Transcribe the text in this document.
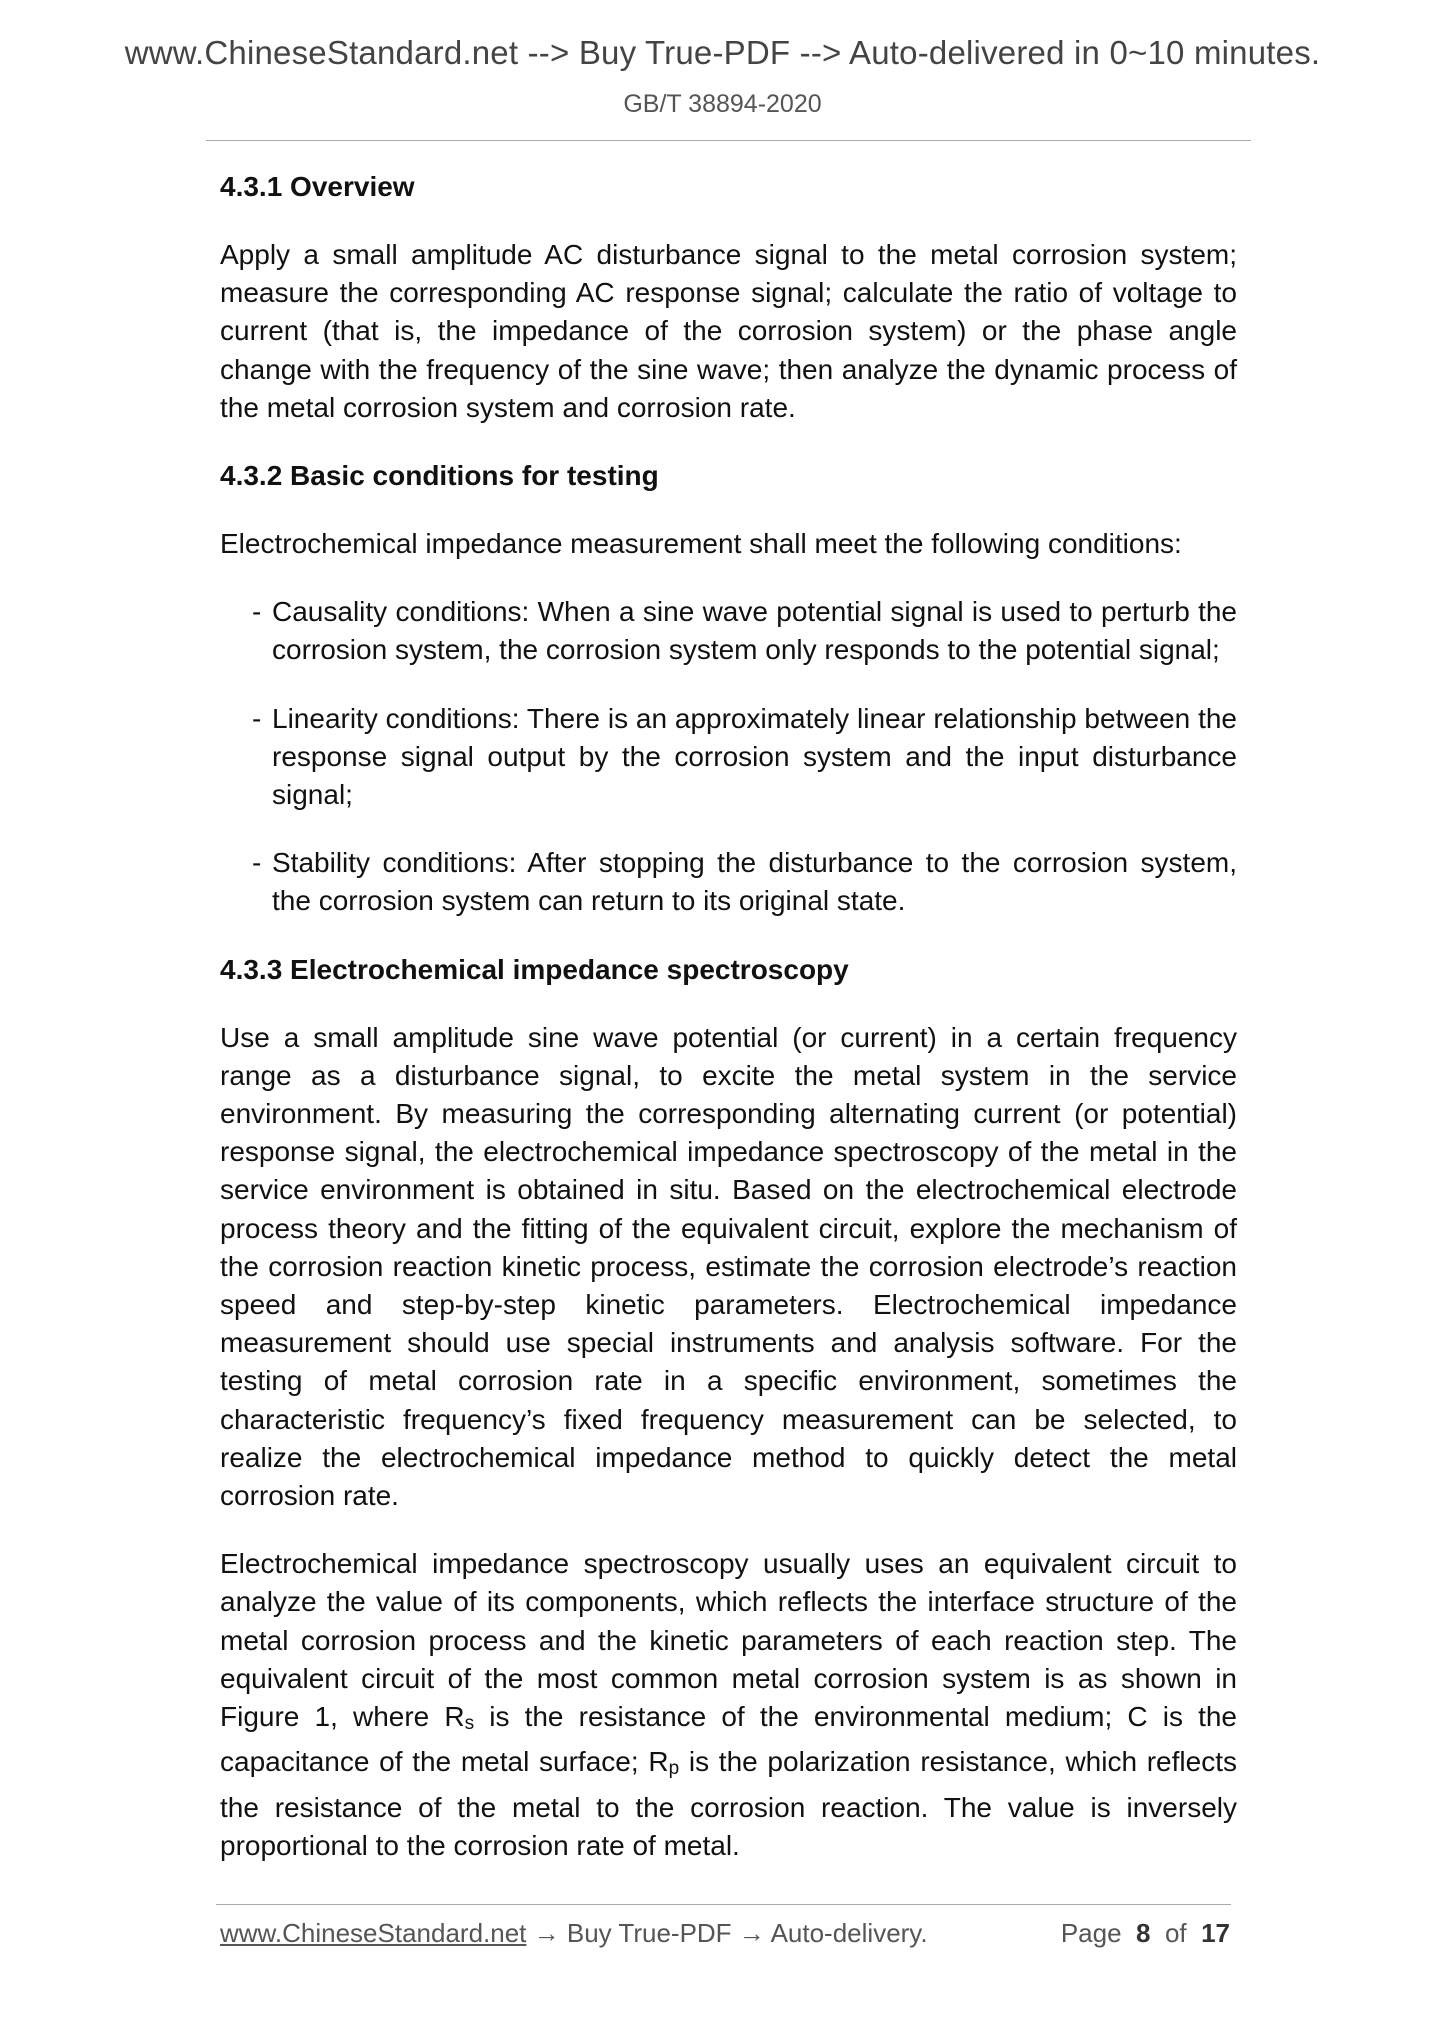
www.ChineseStandard.net --> Buy True-PDF --> Auto-delivered in 0~10 minutes.
GB/T 38894-2020
4.3.1 Overview

Apply a small amplitude AC disturbance signal to the metal corrosion system; measure the corresponding AC response signal; calculate the ratio of voltage to current (that is, the impedance of the corrosion system) or the phase angle change with the frequency of the sine wave; then analyze the dynamic process of the metal corrosion system and corrosion rate.

4.3.2 Basic conditions for testing

Electrochemical impedance measurement shall meet the following conditions:

- Causality conditions: When a sine wave potential signal is used to perturb the corrosion system, the corrosion system only responds to the potential signal;

- Linearity conditions: There is an approximately linear relationship between the response signal output by the corrosion system and the input disturbance signal;

- Stability conditions: After stopping the disturbance to the corrosion system, the corrosion system can return to its original state.

4.3.3 Electrochemical impedance spectroscopy

Use a small amplitude sine wave potential (or current) in a certain frequency range as a disturbance signal, to excite the metal system in the service environment. By measuring the corresponding alternating current (or potential) response signal, the electrochemical impedance spectroscopy of the metal in the service environment is obtained in situ. Based on the electrochemical electrode process theory and the fitting of the equivalent circuit, explore the mechanism of the corrosion reaction kinetic process, estimate the corrosion electrode’s reaction speed and step-by-step kinetic parameters. Electrochemical impedance measurement should use special instruments and analysis software. For the testing of metal corrosion rate in a specific environment, sometimes the characteristic frequency’s fixed frequency measurement can be selected, to realize the electrochemical impedance method to quickly detect the metal corrosion rate.

Electrochemical impedance spectroscopy usually uses an equivalent circuit to analyze the value of its components, which reflects the interface structure of the metal corrosion process and the kinetic parameters of each reaction step. The equivalent circuit of the most common metal corrosion system is as shown in Figure 1, where $R_s$ is the resistance of the environmental medium; C is the capacitance of the metal surface; $R_p$ is the polarization resistance, which reflects the resistance of the metal to the corrosion reaction. The value is inversely proportional to the corrosion rate of metal.

www.ChineseStandard.net → Buy True-PDF → Auto-delivery.	Page 8 of 17
